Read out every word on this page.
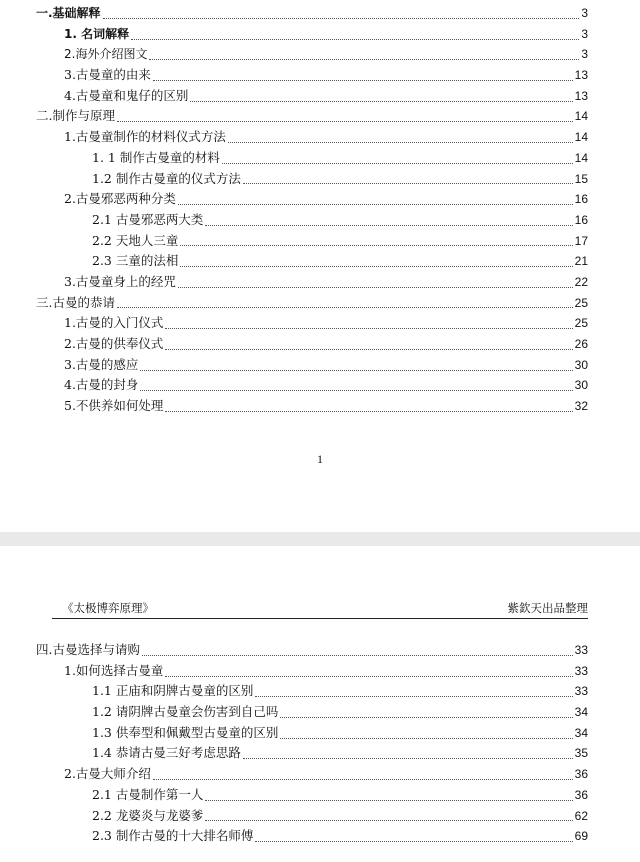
一.基础解释	3
1. 名词解释	3
2.海外介绍图文	3
3.古曼童的由来	13
4.古曼童和鬼仔的区别	13
二.制作与原理	14
1.古曼童制作的材料仪式方法	14
1. 1 制作古曼童的材料	14
1.2 制作古曼童的仪式方法	15
2.古曼邪恶两种分类	16
2.1 古曼邪恶两大类	16
2.2 天地人三童	17
2.3 三童的法相	21
3.古曼童身上的经咒	22
三.古曼的恭请	25
1.古曼的入门仪式	25
2.古曼的供奉仪式	26
3.古曼的感应	30
4.古曼的封身	30
5.不供养如何处理	32
1
《太极博弈原理》	紫欽天出品整理
四.古曼选择与请购	33
1.如何选择古曼童	33
1.1 正庙和阴牌古曼童的区别	33
1.2 请阴牌古曼童会伤害到自己吗	34
1.3 供奉型和佩戴型古曼童的区别	34
1.4 恭请古曼三好考虑思路	35
2.古曼大师介绍	36
2.1 古曼制作第一人	36
2.2 龙婆炎与龙婆爹	62
2.3 制作古曼的十大排名师傅	69
